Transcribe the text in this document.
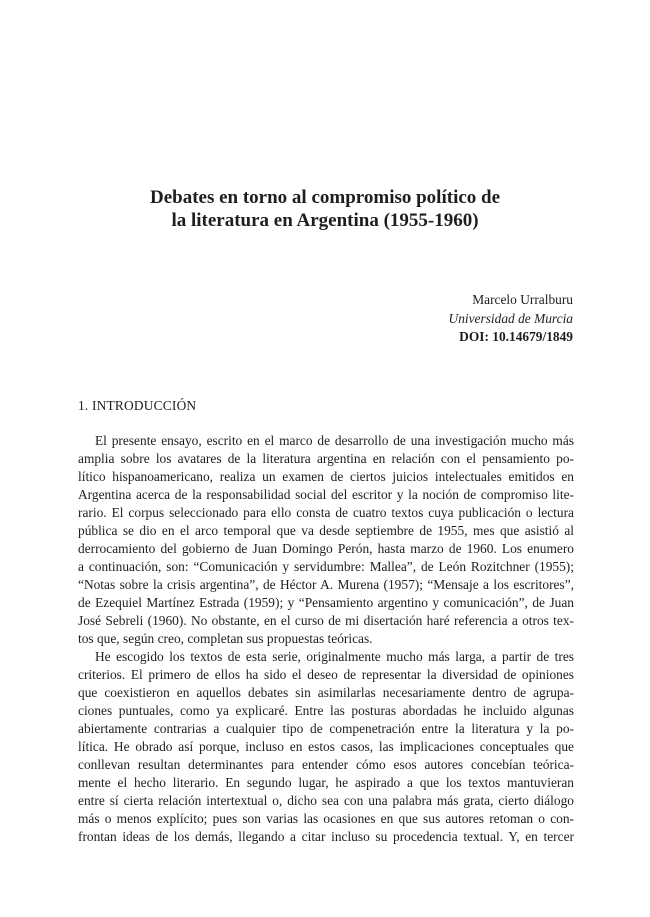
Debates en torno al compromiso político de
la literatura en Argentina (1955-1960)
Marcelo Urralburu
Universidad de Murcia
DOI: 10.14679/1849
1. INTRODUCCIÓN
El presente ensayo, escrito en el marco de desarrollo de una investigación mucho más
amplia sobre los avatares de la literatura argentina en relación con el pensamiento po-
lítico hispanoamericano, realiza un examen de ciertos juicios intelectuales emitidos en
Argentina acerca de la responsabilidad social del escritor y la noción de compromiso lite-
rario. El corpus seleccionado para ello consta de cuatro textos cuya publicación o lectura
pública se dio en el arco temporal que va desde septiembre de 1955, mes que asistió al
derrocamiento del gobierno de Juan Domingo Perón, hasta marzo de 1960. Los enumero
a continuación, son: “Comunicación y servidumbre: Mallea”, de León Rozitchner (1955);
“Notas sobre la crisis argentina”, de Héctor A. Murena (1957); “Mensaje a los escritores”,
de Ezequiel Martínez Estrada (1959); y “Pensamiento argentino y comunicación”, de Juan
José Sebreli (1960). No obstante, en el curso de mi disertación haré referencia a otros tex-
tos que, según creo, completan sus propuestas teóricas.
He escogido los textos de esta serie, originalmente mucho más larga, a partir de tres
criterios. El primero de ellos ha sido el deseo de representar la diversidad de opiniones
que coexistieron en aquellos debates sin asimilarlas necesariamente dentro de agrupa-
ciones puntuales, como ya explicaré. Entre las posturas abordadas he incluido algunas
abiertamente contrarias a cualquier tipo de compenetración entre la literatura y la po-
lítica. He obrado así porque, incluso en estos casos, las implicaciones conceptuales que
conllevan resultan determinantes para entender cómo esos autores concebían teórica-
mente el hecho literario. En segundo lugar, he aspirado a que los textos mantuvieran
entre sí cierta relación intertextual o, dicho sea con una palabra más grata, cierto diálogo
más o menos explícito; pues son varias las ocasiones en que sus autores retoman o con-
frontan ideas de los demás, llegando a citar incluso su procedencia textual. Y, en tercer
